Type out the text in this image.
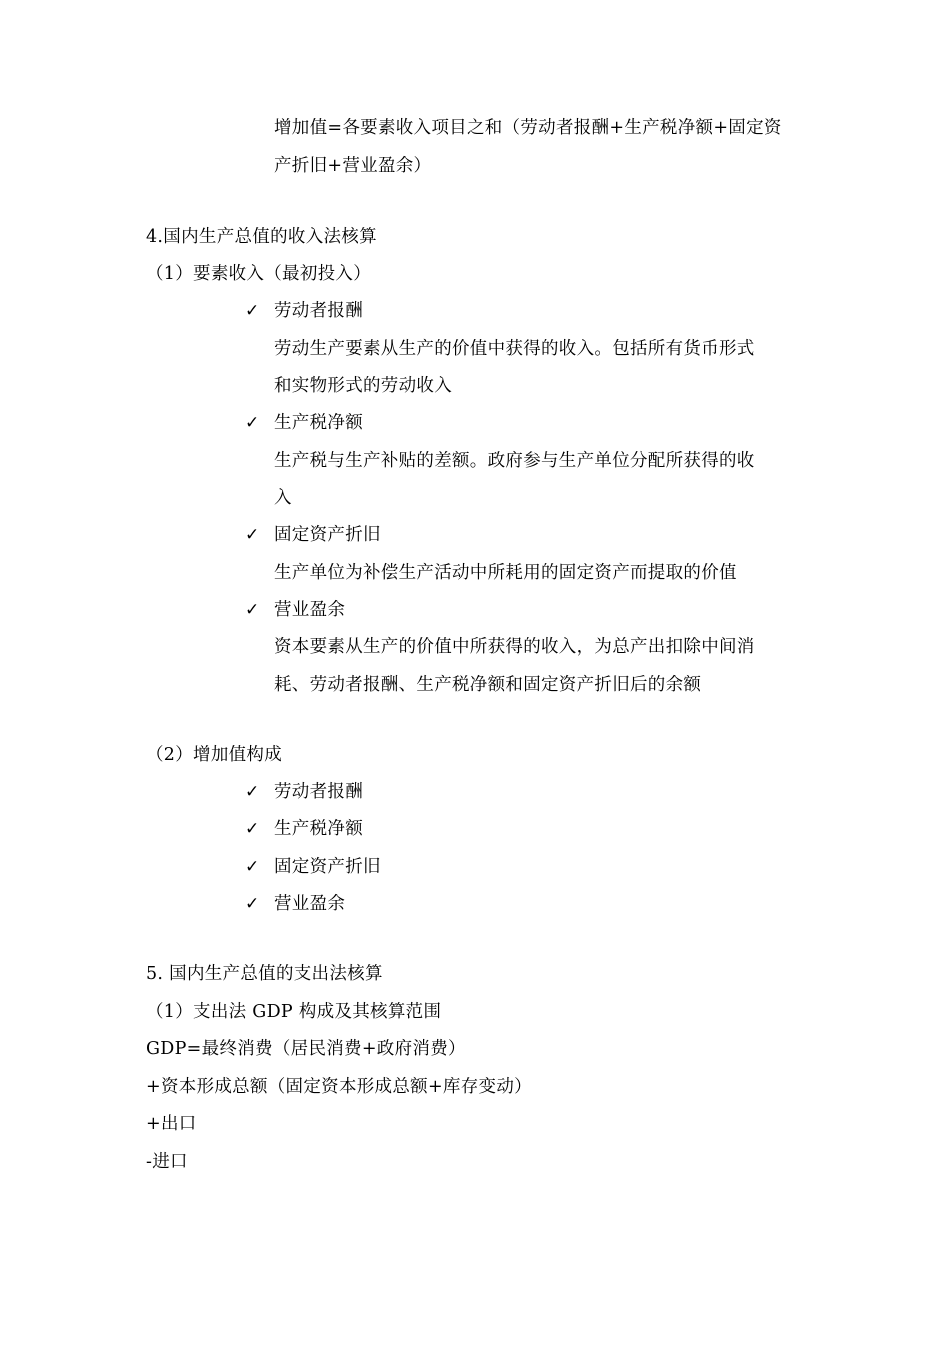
增加值=各要素收入项目之和（劳动者报酬+生产税净额+固定资
产折旧+营业盈余）
4.国内生产总值的收入法核算
（1）要素收入（最初投入）
✓ 劳动者报酬
劳动生产要素从生产的价值中获得的收入。包括所有货币形式
和实物形式的劳动收入
✓ 生产税净额
生产税与生产补贴的差额。政府参与生产单位分配所获得的收
入
✓ 固定资产折旧
生产单位为补偿生产活动中所耗用的固定资产而提取的价值
✓ 营业盈余
资本要素从生产的价值中所获得的收入，为总产出扣除中间消
耗、劳动者报酬、生产税净额和固定资产折旧后的余额
（2）增加值构成
✓ 劳动者报酬
✓ 生产税净额
✓ 固定资产折旧
✓ 营业盈余
5. 国内生产总值的支出法核算
（1）支出法 GDP 构成及其核算范围
GDP=最终消费（居民消费+政府消费）
+资本形成总额（固定资本形成总额+库存变动）
+出口
-进口
